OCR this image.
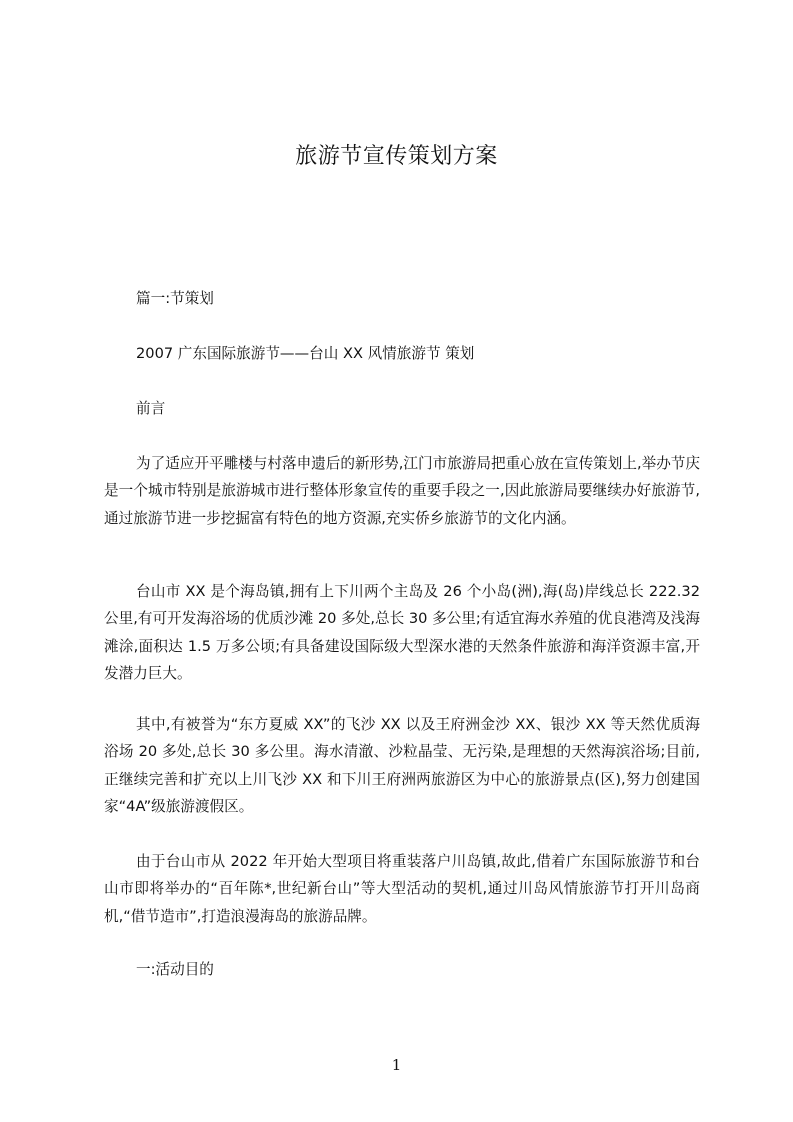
旅游节宣传策划方案
篇一:节策划
2007 广东国际旅游节——台山 XX 风情旅游节 策划
前言
为了适应开平雕楼与村落申遗后的新形势,江门市旅游局把重心放在宣传策划上,举办节庆是一个城市特别是旅游城市进行整体形象宣传的重要手段之一,因此旅游局要继续办好旅游节,通过旅游节进一步挖掘富有特色的地方资源,充实侨乡旅游节的文化内涵。
台山市 XX 是个海岛镇,拥有上下川两个主岛及 26 个小岛(洲),海(岛)岸线总长 222.32 公里,有可开发海浴场的优质沙滩 20 多处,总长 30 多公里;有适宜海水养殖的优良港湾及浅海滩涂,面积达 1.5 万多公顷;有具备建设国际级大型深水港的天然条件旅游和海洋资源丰富,开发潜力巨大。
其中,有被誉为“东方夏威 XX”的飞沙 XX 以及王府洲金沙 XX、银沙 XX 等天然优质海浴场 20 多处,总长 30 多公里。海水清澈、沙粒晶莹、无污染,是理想的天然海滨浴场;目前,正继续完善和扩充以上川飞沙 XX 和下川王府洲两旅游区为中心的旅游景点(区),努力创建国家“4A”级旅游渡假区。
由于台山市从 2022 年开始大型项目将重装落户川岛镇,故此,借着广东国际旅游节和台山市即将举办的“百年陈*,世纪新台山”等大型活动的契机,通过川岛风情旅游节打开川岛商机,“借节造市”,打造浪漫海岛的旅游品牌。
一:活动目的
1
